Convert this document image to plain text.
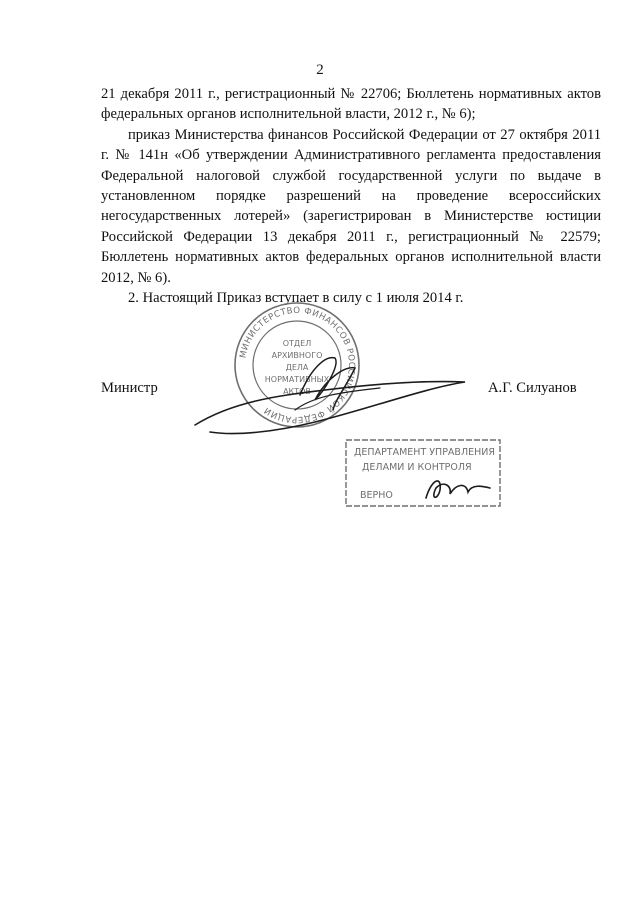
2

21 декабря 2011 г., регистрационный № 22706; Бюллетень нормативных актов федеральных органов исполнительной власти, 2012 г., № 6);

приказ Министерства финансов Российской Федерации от 27 октября 2011 г. № 141н «Об утверждении Административного регламента предоставления Федеральной налоговой службой государственной услуги по выдаче в установленном порядке разрешений на проведение всероссийских негосударственных лотерей» (зарегистрирован в Министерстве юстиции Российской Федерации 13 декабря 2011 г., регистрационный № 22579; Бюллетень нормативных актов федеральных органов исполнительной власти 2012, № 6).

2. Настоящий Приказ вступает в силу с 1 июля 2014 г.

МИНИСТЕРСТВО ФИНАНСОВ РОССИЙСКОЙ ФЕДЕРАЦИИ
ОТДЕЛ
АРХИВНОГО
ДЕЛА
НОРМАТИВНЫХ
АКТОВ
Министр	А.Г. Силуанов
ДЕПАРТАМЕНТ УПРАВЛЕНИЯ
ДЕЛАМИ И КОНТРОЛЯ
ВЕРНО
